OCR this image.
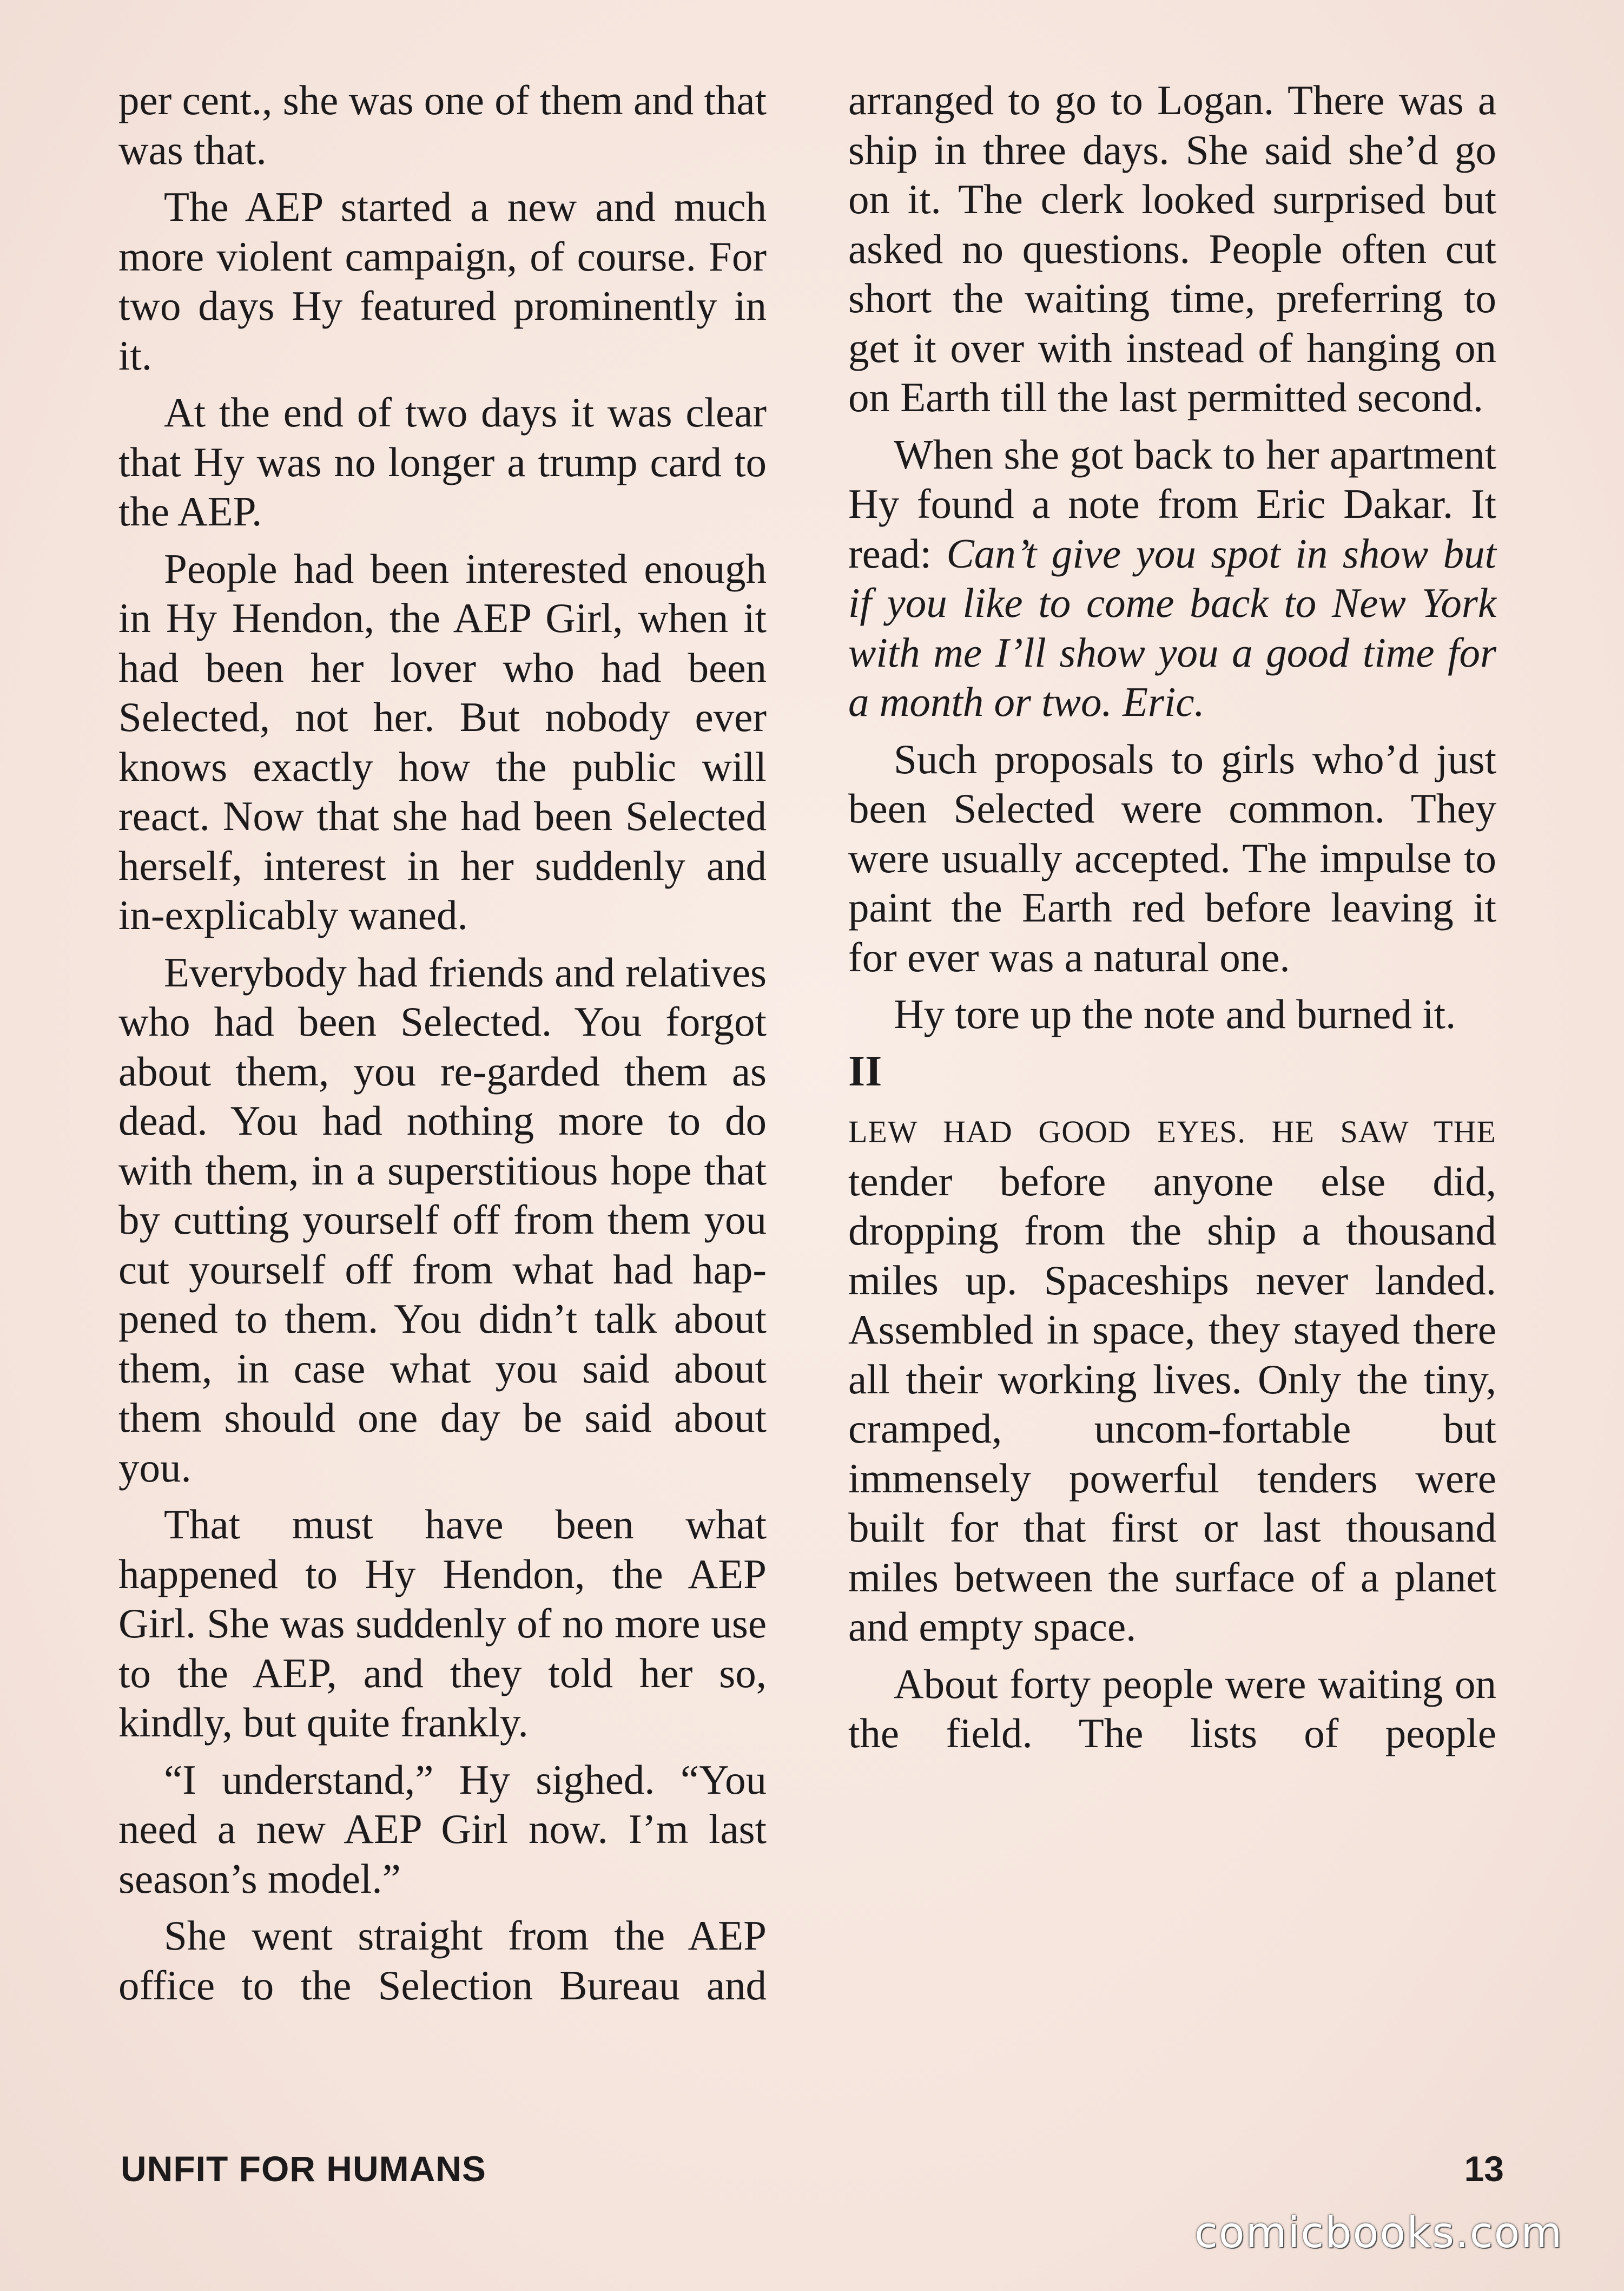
per cent., she was one of them and that was that.

The AEP started a new and much more violent campaign, of course. For two days Hy featured prominently in it.

At the end of two days it was clear that Hy was no longer a trump card to the AEP.

People had been interested enough in Hy Hendon, the AEP Girl, when it had been her lover who had been Selected, not her. But nobody ever knows exactly how the public will react. Now that she had been Selected herself, interest in her suddenly and in-explicably waned.

Everybody had friends and relatives who had been Selected. You forgot about them, you re-garded them as dead. You had nothing more to do with them, in a superstitious hope that by cutting yourself off from them you cut yourself off from what had hap-pened to them. You didn’t talk about them, in case what you said about them should one day be said about you.

That must have been what happened to Hy Hendon, the AEP Girl. She was suddenly of no more use to the AEP, and they told her so, kindly, but quite frankly.

“I understand,” Hy sighed. “You need a new AEP Girl now. I’m last season’s model.”

She went straight from the AEP office to the Selection Bureau and

arranged to go to Logan. There was a ship in three days. She said she’d go on it. The clerk looked surprised but asked no questions. People often cut short the waiting time, preferring to get it over with instead of hanging on on Earth till the last permitted second.

When she got back to her apartment Hy found a note from Eric Dakar. It read: Can’t give you spot in show but if you like to come back to New York with me I’ll show you a good time for a month or two. Eric.

Such proposals to girls who’d just been Selected were common. They were usually accepted. The impulse to paint the Earth red before leaving it for ever was a natural one.

Hy tore up the note and burned it.

II

LEW HAD GOOD EYES. HE SAW THE tender before anyone else did, dropping from the ship a thousand miles up. Spaceships never landed. Assembled in space, they stayed there all their working lives. Only the tiny, cramped, uncom-fortable but immensely powerful tenders were built for that first or last thousand miles between the surface of a planet and empty space.

About forty people were waiting on the field. The lists of people

UNFIT FOR HUMANS	13
comicbooks.com
